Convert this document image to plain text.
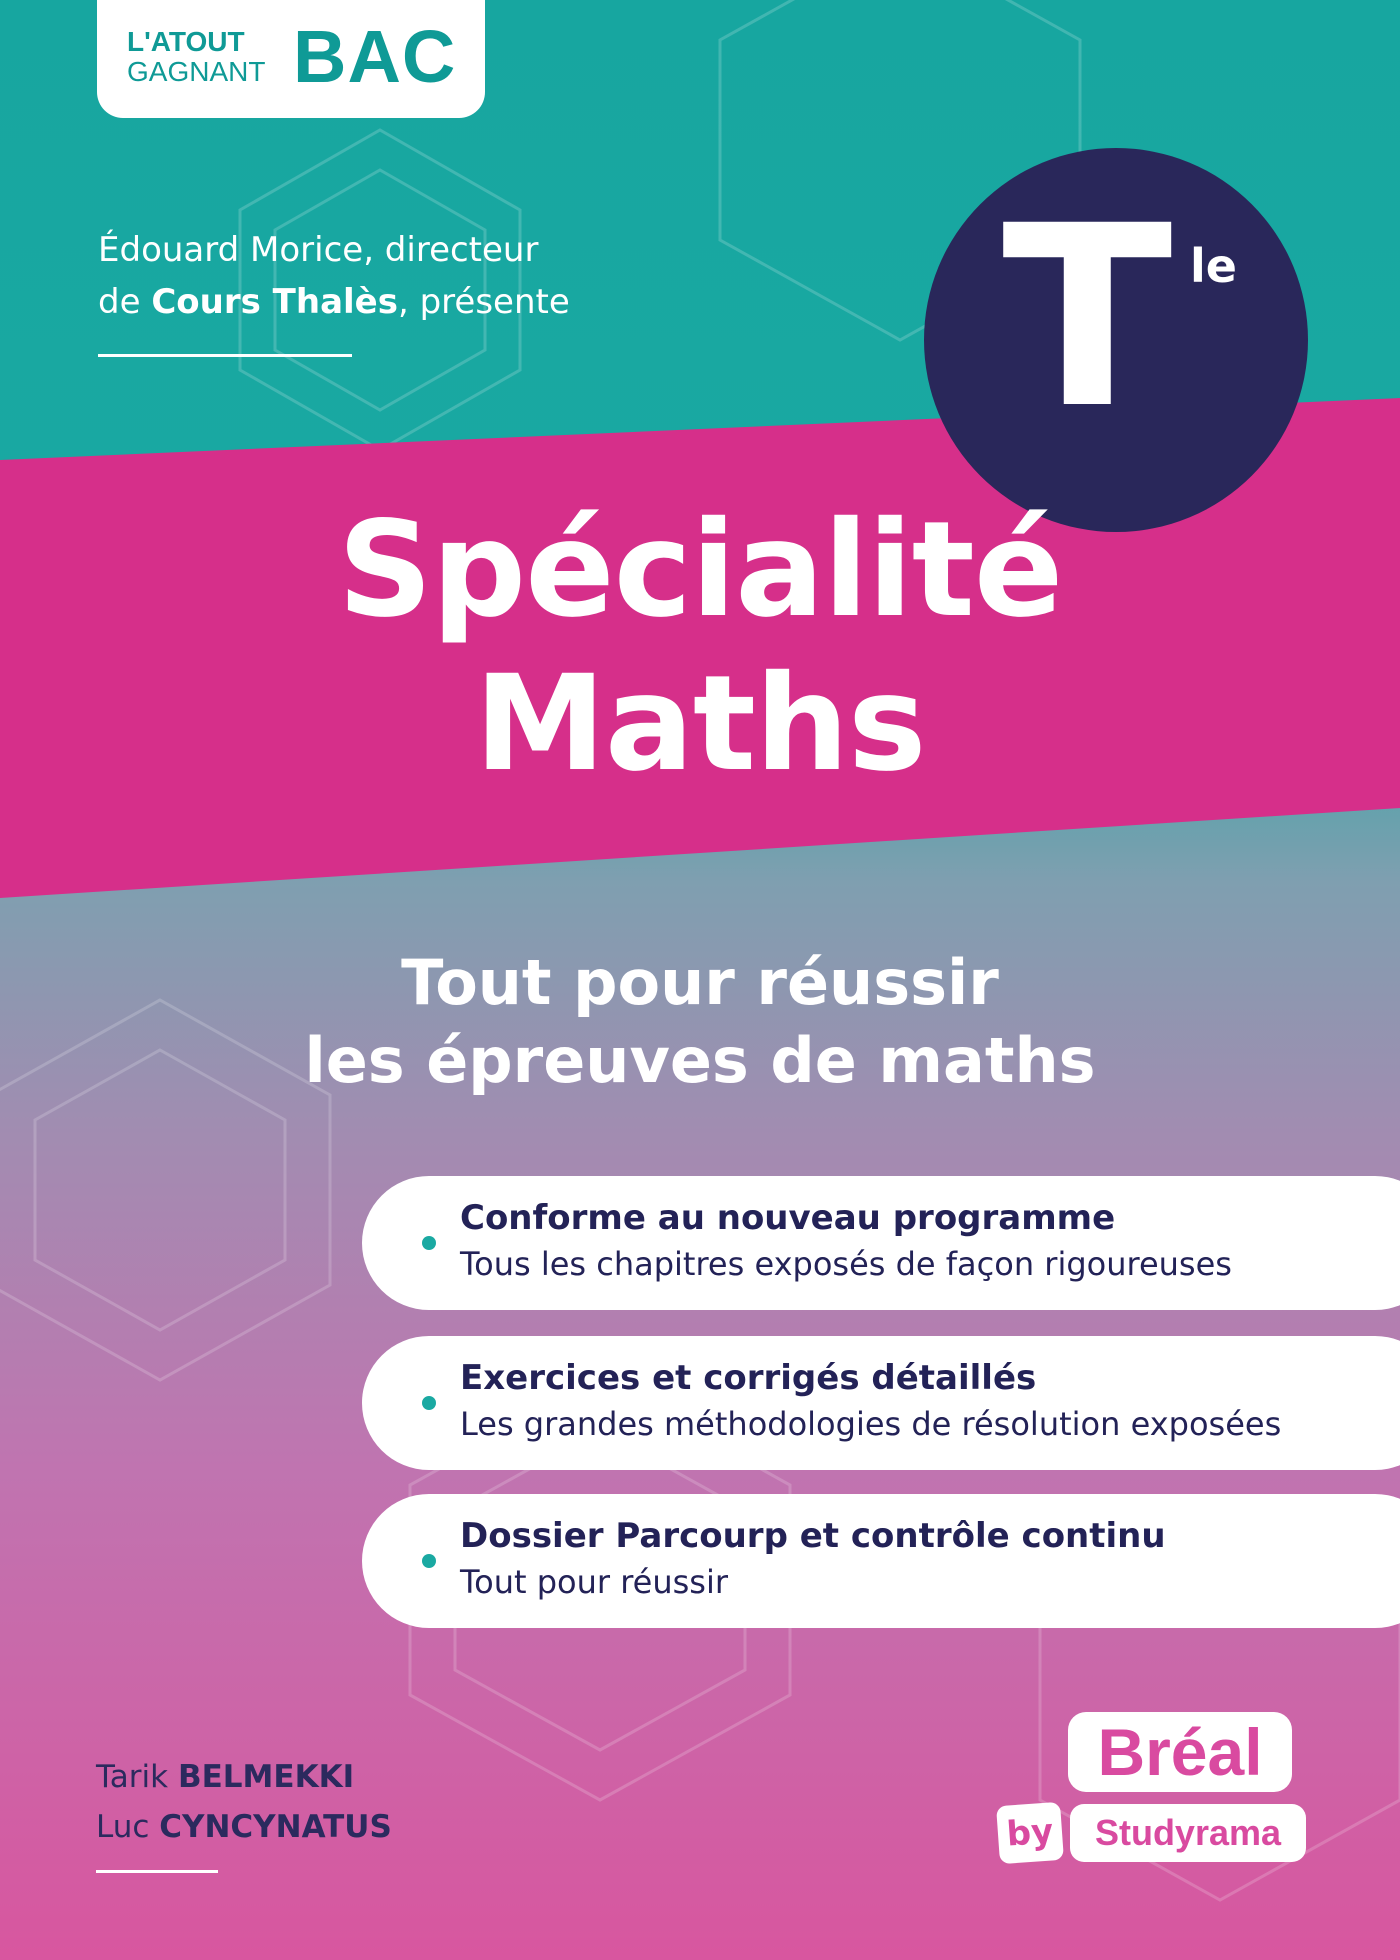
L'ATOUT
GAGNANT BAC
Édouard Morice, directeur
de Cours Thalès, présente T le
Spécialité
Maths
Tout pour réussir
les épreuves de maths
Conforme au nouveau programme
Tous les chapitres exposés de façon rigoureuses
Exercices et corrigés détaillés
Les grandes méthodologies de résolution exposées
Dossier Parcourp et contrôle continu
Tout pour réussir
Tarik BELMEKKI
Luc CYNCYNATUS
Bréal
by	Studyrama
